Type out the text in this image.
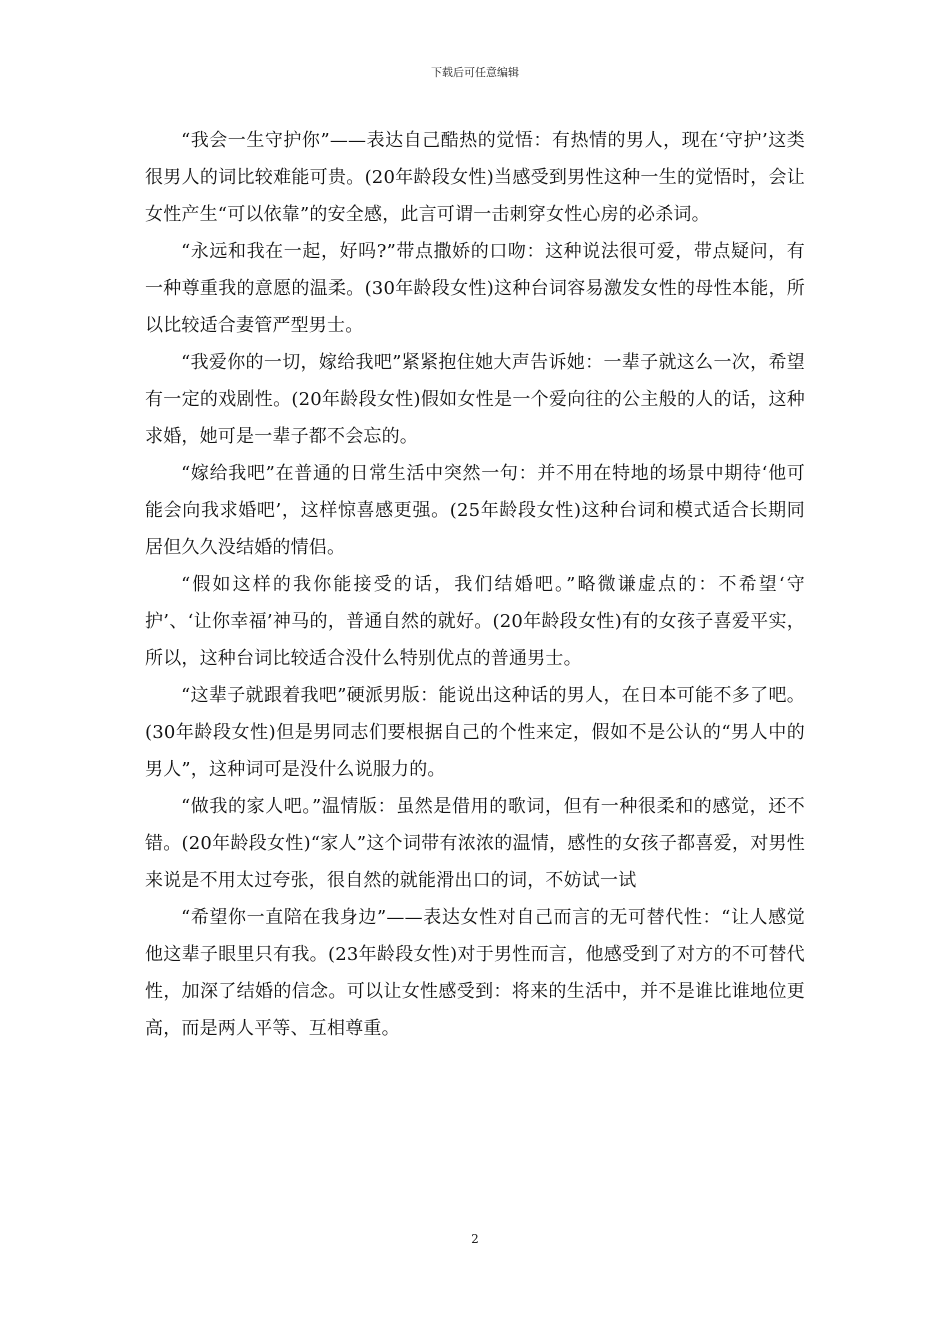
下载后可任意编辑

“我会一生守护你”——表达自己酷热的觉悟：有热情的男人，现在‘守护’这类很男人的词比较难能可贵。(20年龄段女性)当感受到男性这种一生的觉悟时，会让女性产生“可以依靠”的安全感，此言可谓一击刺穿女性心房的必杀词。

“永远和我在一起，好吗?”带点撒娇的口吻：这种说法很可爱，带点疑问，有一种尊重我的意愿的温柔。(30年龄段女性)这种台词容易激发女性的母性本能，所以比较适合妻管严型男士。

“我爱你的一切，嫁给我吧”紧紧抱住她大声告诉她：一辈子就这么一次，希望有一定的戏剧性。(20年龄段女性)假如女性是一个爱向往的公主般的人的话，这种求婚，她可是一辈子都不会忘的。

“嫁给我吧”在普通的日常生活中突然一句：并不用在特地的场景中期待‘他可能会向我求婚吧’，这样惊喜感更强。(25年龄段女性)这种台词和模式适合长期同居但久久没结婚的情侣。

“假如这样的我你能接受的话，我们结婚吧。”略微谦虚点的：不希望‘守护’、‘让你幸福’神马的，普通自然的就好。(20年龄段女性)有的女孩子喜爱平实，所以，这种台词比较适合没什么特别优点的普通男士。

“这辈子就跟着我吧”硬派男版：能说出这种话的男人，在日本可能不多了吧。(30年龄段女性)但是男同志们要根据自己的个性来定，假如不是公认的“男人中的男人”，这种词可是没什么说服力的。

“做我的家人吧。”温情版：虽然是借用的歌词，但有一种很柔和的感觉，还不错。(20年龄段女性)“家人”这个词带有浓浓的温情，感性的女孩子都喜爱，对男性来说是不用太过夸张，很自然的就能滑出口的词，不妨试一试

“希望你一直陪在我身边”——表达女性对自己而言的无可替代性：“让人感觉他这辈子眼里只有我。(23年龄段女性)对于男性而言，他感受到了对方的不可替代性，加深了结婚的信念。可以让女性感受到：将来的生活中，并不是谁比谁地位更高，而是两人平等、互相尊重。

2
